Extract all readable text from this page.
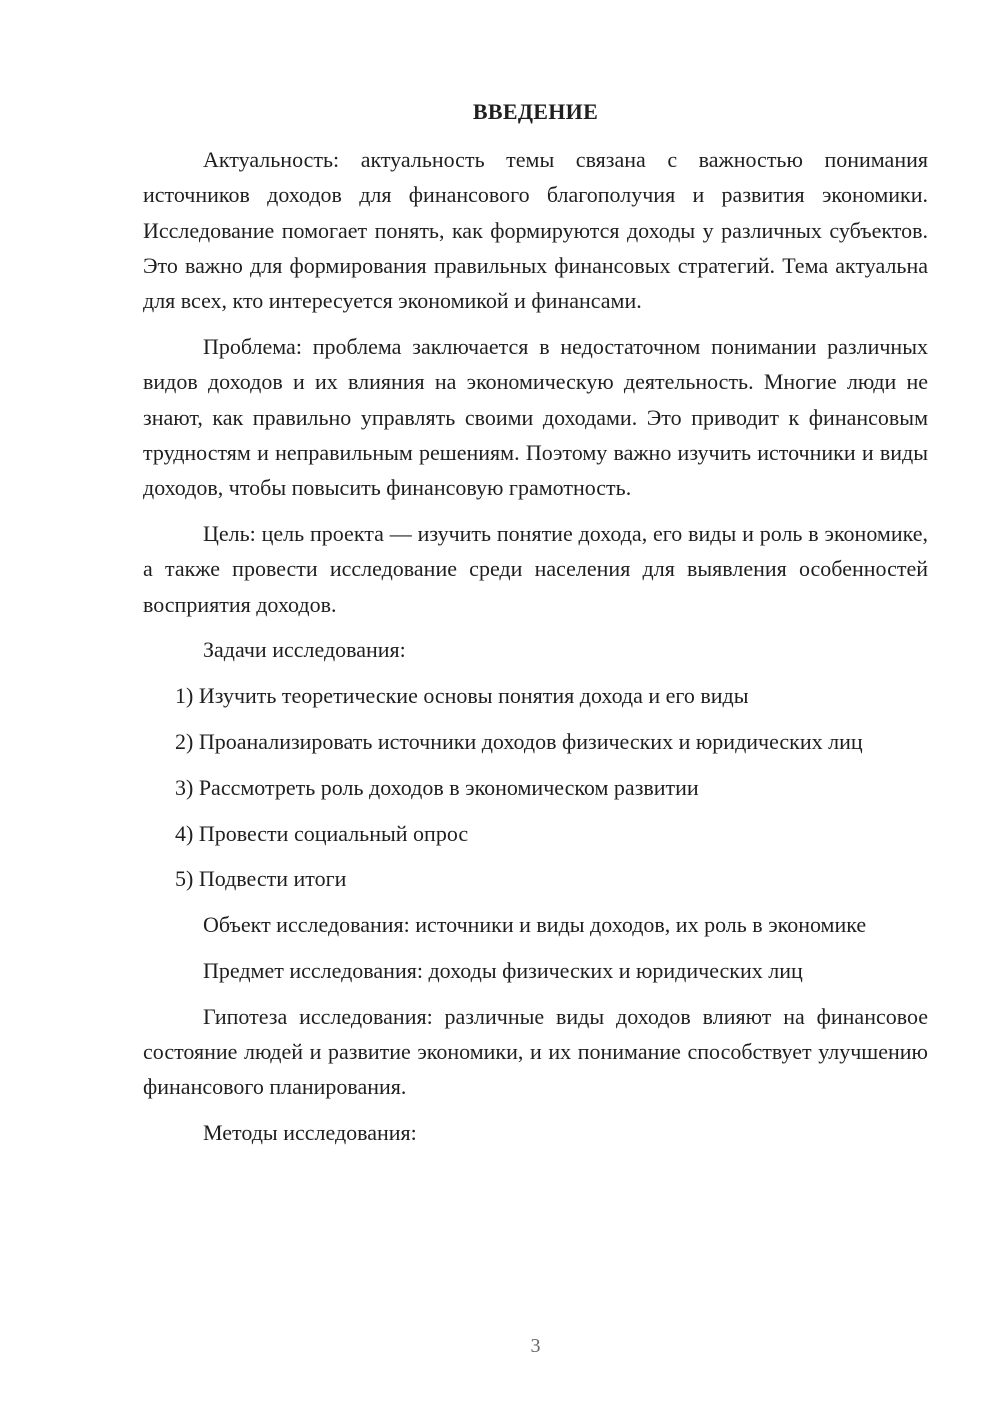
ВВЕДЕНИЕ

Актуальность: актуальность темы связана с важностью понимания источников доходов для финансового благополучия и развития экономики. Исследование помогает понять, как формируются доходы у различных субъектов. Это важно для формирования правильных финансовых стратегий. Тема актуальна для всех, кто интересуется экономикой и финансами.

Проблема: проблема заключается в недостаточном понимании различных видов доходов и их влияния на экономическую деятельность. Многие люди не знают, как правильно управлять своими доходами. Это приводит к финансовым трудностям и неправильным решениям. Поэтому важно изучить источники и виды доходов, чтобы повысить финансовую грамотность.

Цель: цель проекта — изучить понятие дохода, его виды и роль в экономике, а также провести исследование среди населения для выявления особенностей восприятия доходов.

Задачи исследования:

1) Изучить теоретические основы понятия дохода и его виды

2) Проанализировать источники доходов физических и юридических лиц

3) Рассмотреть роль доходов в экономическом развитии

4) Провести социальный опрос

5) Подвести итоги

Объект исследования: источники и виды доходов, их роль в экономике

Предмет исследования: доходы физических и юридических лиц

Гипотеза исследования: различные виды доходов влияют на финансовое состояние людей и развитие экономики, и их понимание способствует улучшению финансового планирования.

Методы исследования:

3
